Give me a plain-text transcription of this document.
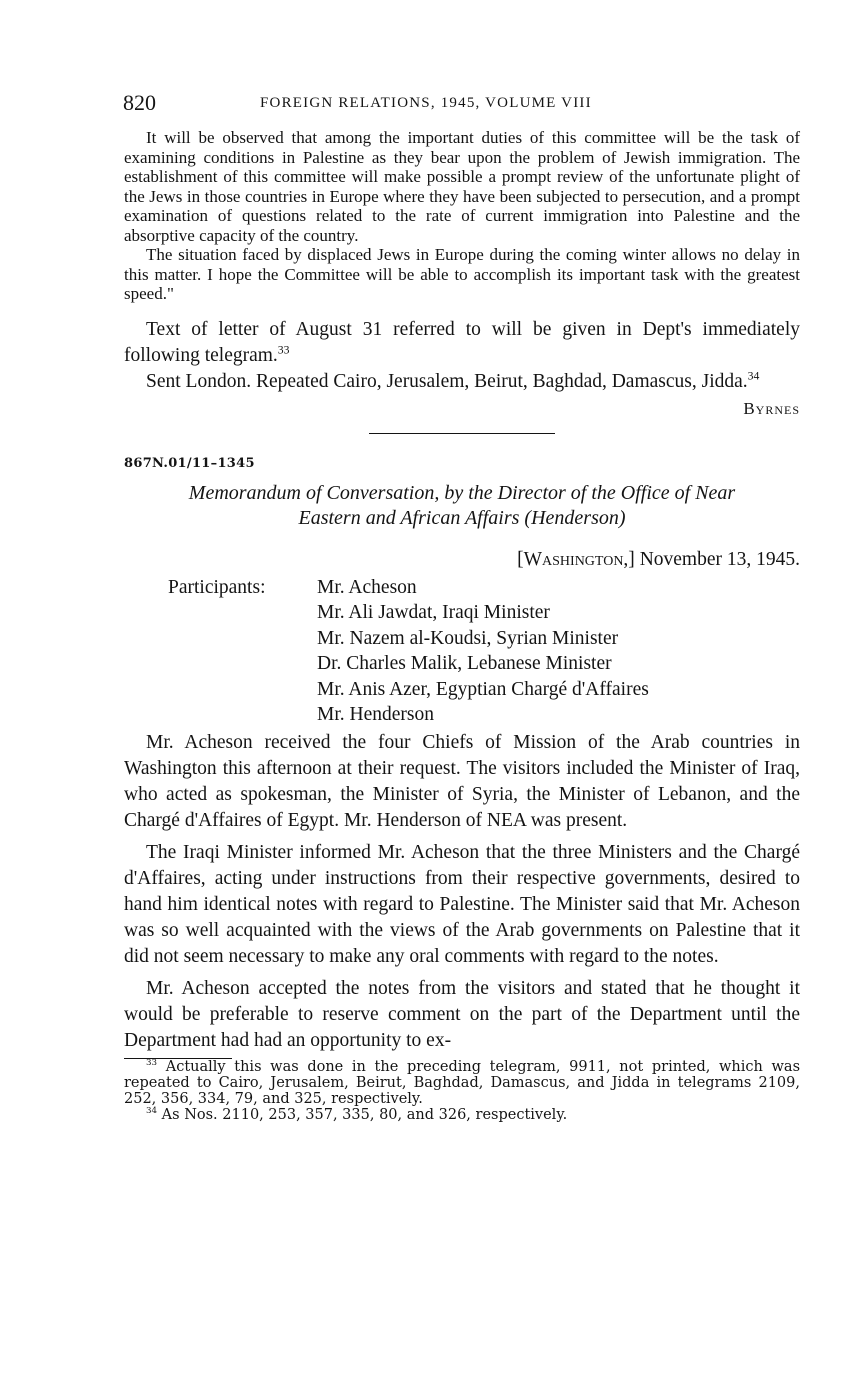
820	FOREIGN RELATIONS, 1945, VOLUME VIII

It will be observed that among the important duties of this committee will be the task of examining conditions in Palestine as they bear upon the problem of Jewish immigration. The establishment of this committee will make possible a prompt review of the unfortunate plight of the Jews in those countries in Europe where they have been subjected to persecution, and a prompt examination of questions related to the rate of current immigration into Palestine and the absorptive capacity of the country.

The situation faced by displaced Jews in Europe during the coming winter allows no delay in this matter. I hope the Committee will be able to accomplish its important task with the greatest speed."

Text of letter of August 31 referred to will be given in Dept's immediately following telegram.$^{33}$

Sent London. Repeated Cairo, Jerusalem, Beirut, Baghdad, Damascus, Jidda.$^{34}$

Byrnes
867N.01/11–1345
Memorandum of Conversation, by the Director of the Office of Near
Eastern and African Affairs (Henderson)
[Washington,] November 13, 1945.
Participants:	Mr. Acheson
Mr. Ali Jawdat, Iraqi Minister
Mr. Nazem al-Koudsi, Syrian Minister
Dr. Charles Malik, Lebanese Minister
Mr. Anis Azer, Egyptian Chargé d'Affaires
Mr. Henderson

Mr. Acheson received the four Chiefs of Mission of the Arab countries in Washington this afternoon at their request. The visitors included the Minister of Iraq, who acted as spokesman, the Minister of Syria, the Minister of Lebanon, and the Chargé d'Affaires of Egypt. Mr. Henderson of NEA was present.

The Iraqi Minister informed Mr. Acheson that the three Ministers and the Chargé d'Affaires, acting under instructions from their respective governments, desired to hand him identical notes with regard to Palestine. The Minister said that Mr. Acheson was so well acquainted with the views of the Arab governments on Palestine that it did not seem necessary to make any oral comments with regard to the notes.

Mr. Acheson accepted the notes from the visitors and stated that he thought it would be preferable to reserve comment on the part of the Department until the Department had had an opportunity to ex-

$^{33}$ Actually this was done in the preceding telegram, 9911, not printed, which was repeated to Cairo, Jerusalem, Beirut, Baghdad, Damascus, and Jidda in telegrams 2109, 252, 356, 334, 79, and 325, respectively.

$^{34}$ As Nos. 2110, 253, 357, 335, 80, and 326, respectively.
